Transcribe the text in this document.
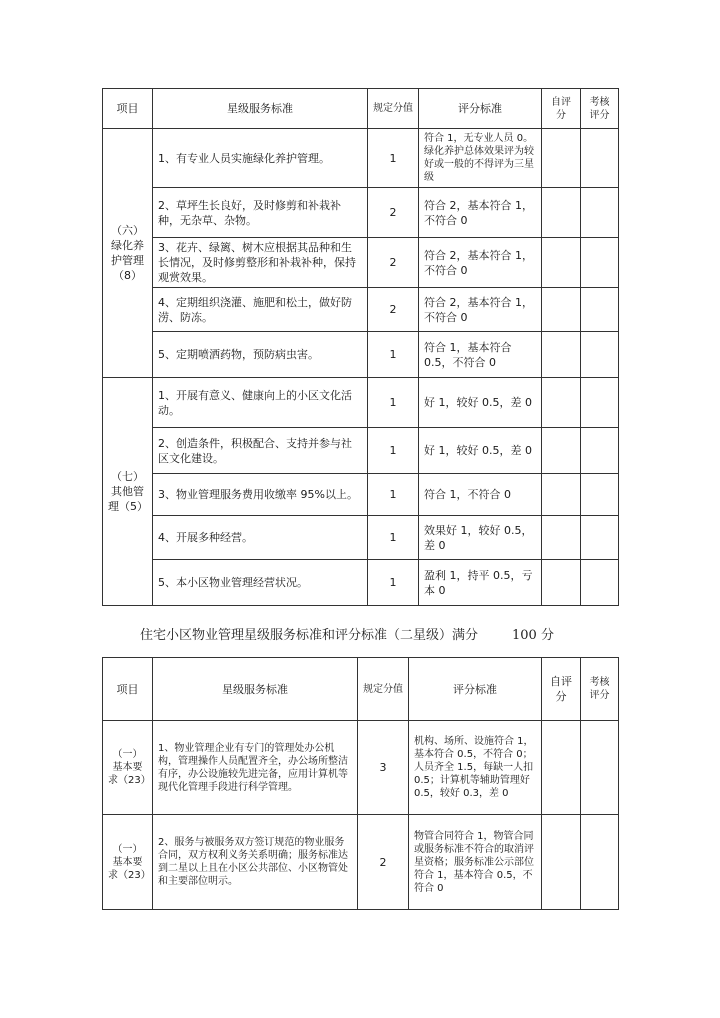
项目	星级服务标准	规定分值	评分标准	自评分	考核评分
（六）绿化养护管理（8）	1、有专业人员实施绿化养护管理。	1	符合 1，无专业人员 0。绿化养护总体效果评为较好或一般的不得评为三星级		
	2、草坪生长良好，及时修剪和补栽补种，无杂草、杂物。	2	符合 2，基本符合 1，不符合 0		
	3、花卉、绿篱、树木应根据其品种和生长情况，及时修剪整形和补栽补种，保持观赏效果。	2	符合 2，基本符合 1，不符合 0		
	4、定期组织浇灌、施肥和松土，做好防涝、防冻。	2	符合 2，基本符合 1，不符合 0		
	5、定期喷洒药物，预防病虫害。	1	符合 1，基本符合 0.5，不符合 0		
（七）其他管理（5）	1、开展有意义、健康向上的小区文化活动。	1	好 1，较好 0.5，差 0		
	2、创造条件，积极配合、支持并参与社区文化建设。	1	好 1，较好 0.5，差 0		
	3、物业管理服务费用收缴率 95%以上。	1	符合 1，不符合 0		
	4、开展多种经营。	1	效果好 1，较好 0.5，差 0		
	5、本小区物业管理经营状况。	1	盈利 1，持平 0.5，亏本 0		
住宅小区物业管理星级服务标准和评分标准（二星级）满分	100 分
项目	星级服务标准	规定分值	评分标准	自评分	考核评分
（一）基本要求（23）	1、物业管理企业有专门的管理处办公机构，管理操作人员配置齐全，办公场所整洁有序，办公设施较先进完备，应用计算机等现代化管理手段进行科学管理。	3	机构、场所、设施符合 1，基本符合 0.5，不符合 0；人员齐全 1.5，每缺一人扣 0.5；计算机等辅助管理好 0.5，较好 0.3，差 0		
（一）基本要求（23）	2、服务与被服务双方签订规范的物业服务合同，双方权利义务关系明确；服务标准达到二星以上且在小区公共部位、小区物管处和主要部位明示。	2	物管合同符合 1，物管合同或服务标准不符合的取消评星资格；服务标准公示部位符合 1，基本符合 0.5，不符合 0		
